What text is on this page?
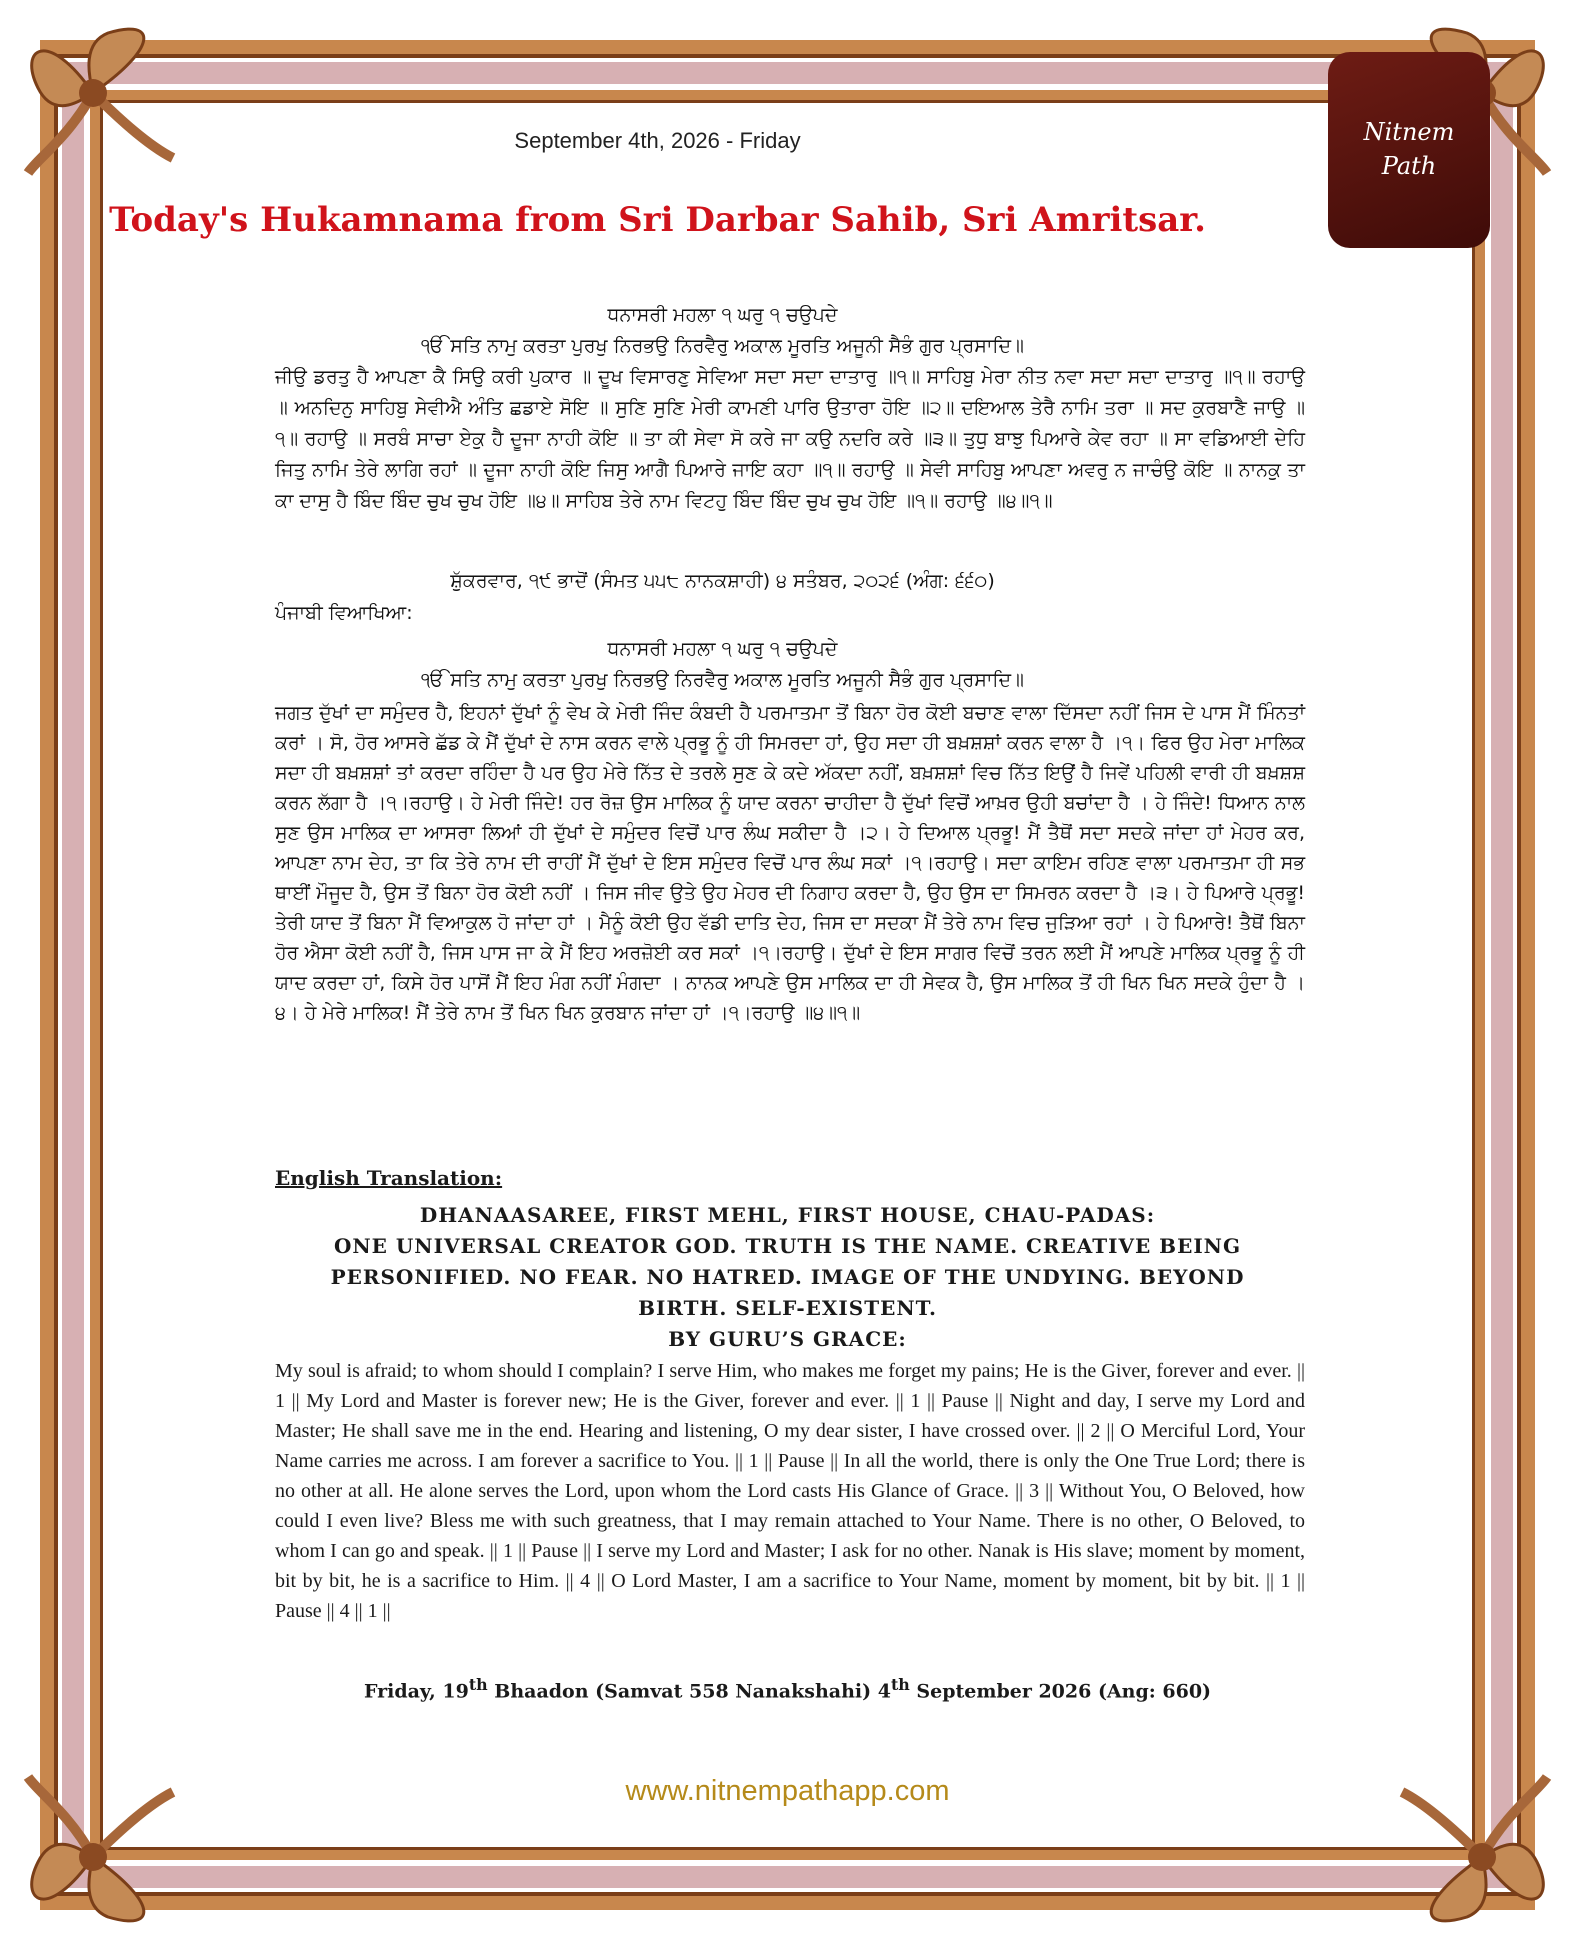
Nitnem
Path
September 4th, 2026 - Friday
Today's Hukamnama from Sri Darbar Sahib, Sri Amritsar.
ਧਨਾਸਰੀ ਮਹਲਾ ੧ ਘਰੁ ੧ ਚਉਪਦੇ
ੴ ਸਤਿ ਨਾਮੁ ਕਰਤਾ ਪੁਰਖੁ ਨਿਰਭਉ ਨਿਰਵੈਰੁ ਅਕਾਲ ਮੂਰਤਿ ਅਜੂਨੀ ਸੈਭੰ ਗੁਰ ਪ੍ਰਸਾਦਿ॥
ਜੀਉ ਡਰਤੁ ਹੈ ਆਪਣਾ ਕੈ ਸਿਉ ਕਰੀ ਪੁਕਾਰ ॥ ਦੂਖ ਵਿਸਾਰਣੁ ਸੇਵਿਆ ਸਦਾ ਸਦਾ ਦਾਤਾਰੁ ॥੧॥ ਸਾਹਿਬੁ ਮੇਰਾ ਨੀਤ ਨਵਾ ਸਦਾ ਸਦਾ ਦਾਤਾਰੁ ॥੧॥ ਰਹਾਉ ॥ ਅਨਦਿਨੁ ਸਾਹਿਬੁ ਸੇਵੀਐ ਅੰਤਿ ਛਡਾਏ ਸੋਇ ॥ ਸੁਣਿ ਸੁਣਿ ਮੇਰੀ ਕਾਮਣੀ ਪਾਰਿ ਉਤਾਰਾ ਹੋਇ ॥੨॥ ਦਇਆਲ ਤੇਰੈ ਨਾਮਿ ਤਰਾ ॥ ਸਦ ਕੁਰਬਾਣੈ ਜਾਉ ॥੧॥ ਰਹਾਉ ॥ ਸਰਬੰ ਸਾਚਾ ਏਕੁ ਹੈ ਦੂਜਾ ਨਾਹੀ ਕੋਇ ॥ ਤਾ ਕੀ ਸੇਵਾ ਸੋ ਕਰੇ ਜਾ ਕਉ ਨਦਰਿ ਕਰੇ ॥੩॥ ਤੁਧੁ ਬਾਝੁ ਪਿਆਰੇ ਕੇਵ ਰਹਾ ॥ ਸਾ ਵਡਿਆਈ ਦੇਹਿ ਜਿਤੁ ਨਾਮਿ ਤੇਰੇ ਲਾਗਿ ਰਹਾਂ ॥ ਦੂਜਾ ਨਾਹੀ ਕੋਇ ਜਿਸੁ ਆਗੈ ਪਿਆਰੇ ਜਾਇ ਕਹਾ ॥੧॥ ਰਹਾਉ ॥ ਸੇਵੀ ਸਾਹਿਬੁ ਆਪਣਾ ਅਵਰੁ ਨ ਜਾਚੰਉ ਕੋਇ ॥ ਨਾਨਕੁ ਤਾ ਕਾ ਦਾਸੁ ਹੈ ਬਿੰਦ ਬਿੰਦ ਚੁਖ ਚੁਖ ਹੋਇ ॥੪॥ ਸਾਹਿਬ ਤੇਰੇ ਨਾਮ ਵਿਟਹੁ ਬਿੰਦ ਬਿੰਦ ਚੁਖ ਚੁਖ ਹੋਇ ॥੧॥ ਰਹਾਉ ॥੪॥੧॥
ਸ਼ੁੱਕਰਵਾਰ, ੧੯ ਭਾਦੋਂ (ਸੰਮਤ ੫੫੮ ਨਾਨਕਸ਼ਾਹੀ) ੪ ਸਤੰਬਰ, ੨੦੨੬ (ਅੰਗ: ੬੬੦)
ਪੰਜਾਬੀ ਵਿਆਖਿਆ:
ਧਨਾਸਰੀ ਮਹਲਾ ੧ ਘਰੁ ੧ ਚਉਪਦੇ
ੴ ਸਤਿ ਨਾਮੁ ਕਰਤਾ ਪੁਰਖੁ ਨਿਰਭਉ ਨਿਰਵੈਰੁ ਅਕਾਲ ਮੂਰਤਿ ਅਜੂਨੀ ਸੈਭੰ ਗੁਰ ਪ੍ਰਸਾਦਿ॥
ਜਗਤ ਦੁੱਖਾਂ ਦਾ ਸਮੁੰਦਰ ਹੈ, ਇਹਨਾਂ ਦੁੱਖਾਂ ਨੂੰ ਵੇਖ ਕੇ ਮੇਰੀ ਜਿੰਦ ਕੰਬਦੀ ਹੈ ਪਰਮਾਤਮਾ ਤੋਂ ਬਿਨਾ ਹੋਰ ਕੋਈ ਬਚਾਣ ਵਾਲਾ ਦਿੱਸਦਾ ਨਹੀਂ ਜਿਸ ਦੇ ਪਾਸ ਮੈਂ ਮਿੰਨਤਾਂ ਕਰਾਂ । ਸੋ, ਹੋਰ ਆਸਰੇ ਛੱਡ ਕੇ ਮੈਂ ਦੁੱਖਾਂ ਦੇ ਨਾਸ ਕਰਨ ਵਾਲੇ ਪ੍ਰਭੂ ਨੂੰ ਹੀ ਸਿਮਰਦਾ ਹਾਂ, ਉਹ ਸਦਾ ਹੀ ਬਖ਼ਸ਼ਸ਼ਾਂ ਕਰਨ ਵਾਲਾ ਹੈ ।੧। ਫਿਰ ਉਹ ਮੇਰਾ ਮਾਲਿਕ ਸਦਾ ਹੀ ਬਖ਼ਸ਼ਸ਼ਾਂ ਤਾਂ ਕਰਦਾ ਰਹਿੰਦਾ ਹੈ ਪਰ ਉਹ ਮੇਰੇ ਨਿੱਤ ਦੇ ਤਰਲੇ ਸੁਣ ਕੇ ਕਦੇ ਅੱਕਦਾ ਨਹੀਂ, ਬਖ਼ਸ਼ਸ਼ਾਂ ਵਿਚ ਨਿੱਤ ਇਉਂ ਹੈ ਜਿਵੇਂ ਪਹਿਲੀ ਵਾਰੀ ਹੀ ਬਖ਼ਸ਼ਸ਼ ਕਰਨ ਲੱਗਾ ਹੈ ।੧।ਰਹਾਉ। ਹੇ ਮੇਰੀ ਜਿੰਦੇ! ਹਰ ਰੋਜ਼ ਉਸ ਮਾਲਿਕ ਨੂੰ ਯਾਦ ਕਰਨਾ ਚਾਹੀਦਾ ਹੈ ਦੁੱਖਾਂ ਵਿਚੋਂ ਆਖ਼ਰ ਉਹੀ ਬਚਾਂਦਾ ਹੈ । ਹੇ ਜਿੰਦੇ! ਧਿਆਨ ਨਾਲ ਸੁਣ ਉਸ ਮਾਲਿਕ ਦਾ ਆਸਰਾ ਲਿਆਂ ਹੀ ਦੁੱਖਾਂ ਦੇ ਸਮੁੰਦਰ ਵਿਚੋਂ ਪਾਰ ਲੰਘ ਸਕੀਦਾ ਹੈ ।੨। ਹੇ ਦਿਆਲ ਪ੍ਰਭੂ! ਮੈਂ ਤੈਥੋਂ ਸਦਾ ਸਦਕੇ ਜਾਂਦਾ ਹਾਂ ਮੇਹਰ ਕਰ, ਆਪਣਾ ਨਾਮ ਦੇਹ, ਤਾ ਕਿ ਤੇਰੇ ਨਾਮ ਦੀ ਰਾਹੀਂ ਮੈਂ ਦੁੱਖਾਂ ਦੇ ਇਸ ਸਮੁੰਦਰ ਵਿਚੋਂ ਪਾਰ ਲੰਘ ਸਕਾਂ ।੧।ਰਹਾਉ। ਸਦਾ ਕਾਇਮ ਰਹਿਣ ਵਾਲਾ ਪਰਮਾਤਮਾ ਹੀ ਸਭ ਥਾਈਂ ਮੌਜੂਦ ਹੈ, ਉਸ ਤੋਂ ਬਿਨਾ ਹੋਰ ਕੋਈ ਨਹੀਂ । ਜਿਸ ਜੀਵ ਉਤੇ ਉਹ ਮੇਹਰ ਦੀ ਨਿਗਾਹ ਕਰਦਾ ਹੈ, ਉਹ ਉਸ ਦਾ ਸਿਮਰਨ ਕਰਦਾ ਹੈ ।੩। ਹੇ ਪਿਆਰੇ ਪ੍ਰਭੂ! ਤੇਰੀ ਯਾਦ ਤੋਂ ਬਿਨਾ ਮੈਂ ਵਿਆਕੁਲ ਹੋ ਜਾਂਦਾ ਹਾਂ । ਮੈਨੂੰ ਕੋਈ ਉਹ ਵੱਡੀ ਦਾਤਿ ਦੇਹ, ਜਿਸ ਦਾ ਸਦਕਾ ਮੈਂ ਤੇਰੇ ਨਾਮ ਵਿਚ ਜੁੜਿਆ ਰਹਾਂ । ਹੇ ਪਿਆਰੇ! ਤੈਥੋਂ ਬਿਨਾ ਹੋਰ ਐਸਾ ਕੋਈ ਨਹੀਂ ਹੈ, ਜਿਸ ਪਾਸ ਜਾ ਕੇ ਮੈਂ ਇਹ ਅਰਜ਼ੋਈ ਕਰ ਸਕਾਂ ।੧।ਰਹਾਉ। ਦੁੱਖਾਂ ਦੇ ਇਸ ਸਾਗਰ ਵਿਚੋਂ ਤਰਨ ਲਈ ਮੈਂ ਆਪਣੇ ਮਾਲਿਕ ਪ੍ਰਭੂ ਨੂੰ ਹੀ ਯਾਦ ਕਰਦਾ ਹਾਂ, ਕਿਸੇ ਹੋਰ ਪਾਸੋਂ ਮੈਂ ਇਹ ਮੰਗ ਨਹੀਂ ਮੰਗਦਾ । ਨਾਨਕ ਆਪਣੇ ਉਸ ਮਾਲਿਕ ਦਾ ਹੀ ਸੇਵਕ ਹੈ, ਉਸ ਮਾਲਿਕ ਤੋਂ ਹੀ ਖਿਨ ਖਿਨ ਸਦਕੇ ਹੁੰਦਾ ਹੈ ।੪। ਹੇ ਮੇਰੇ ਮਾਲਿਕ! ਮੈਂ ਤੇਰੇ ਨਾਮ ਤੋਂ ਖਿਨ ਖਿਨ ਕੁਰਬਾਨ ਜਾਂਦਾ ਹਾਂ ।੧।ਰਹਾਉ ॥੪॥੧॥
English Translation:
DHANAASAREE, FIRST MEHL, FIRST HOUSE, CHAU-PADAS:
ONE UNIVERSAL CREATOR GOD. TRUTH IS THE NAME. CREATIVE BEING
PERSONIFIED. NO FEAR. NO HATRED. IMAGE OF THE UNDYING. BEYOND
BIRTH. SELF-EXISTENT.
BY GURU’S GRACE:
My soul is afraid; to whom should I complain? I serve Him, who makes me forget my pains; He is the Giver, forever and ever. || 1 || My Lord and Master is forever new; He is the Giver, forever and ever. || 1 || Pause || Night and day, I serve my Lord and Master; He shall save me in the end. Hearing and listening, O my dear sister, I have crossed over. || 2 || O Merciful Lord, Your Name carries me across. I am forever a sacrifice to You. || 1 || Pause || In all the world, there is only the One True Lord; there is no other at all. He alone serves the Lord, upon whom the Lord casts His Glance of Grace. || 3 || Without You, O Beloved, how could I even live? Bless me with such greatness, that I may remain attached to Your Name. There is no other, O Beloved, to whom I can go and speak. || 1 || Pause || I serve my Lord and Master; I ask for no other. Nanak is His slave; moment by moment, bit by bit, he is a sacrifice to Him. || 4 || O Lord Master, I am a sacrifice to Your Name, moment by moment, bit by bit. || 1 || Pause || 4 || 1 ||
Friday, 19th Bhaadon (Samvat 558 Nanakshahi) 4th September 2026 (Ang: 660)
www.nitnempathapp.com
